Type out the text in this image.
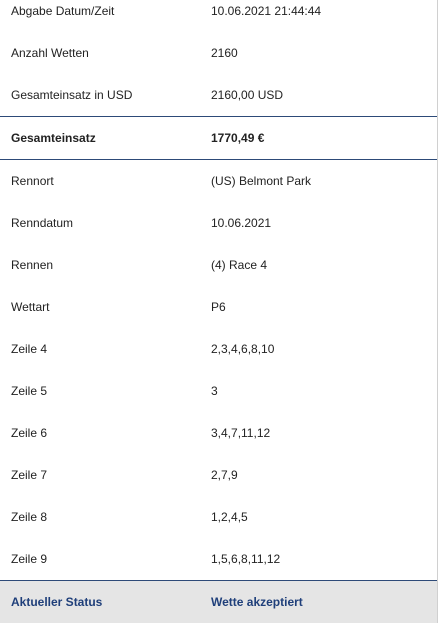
Abgabe Datum/Zeit	10.06.2021 21:44:44
Anzahl Wetten	2160
Gesamteinsatz in USD	2160,00 USD
Gesamteinsatz	1770,49 €
Rennort	(US) Belmont Park
Renndatum	10.06.2021
Rennen	(4) Race 4
Wettart	P6
Zeile 4	2,3,4,6,8,10
Zeile 5	3
Zeile 6	3,4,7,11,12
Zeile 7	2,7,9
Zeile 8	1,2,4,5
Zeile 9	1,5,6,8,11,12
Aktueller Status	Wette akzeptiert
